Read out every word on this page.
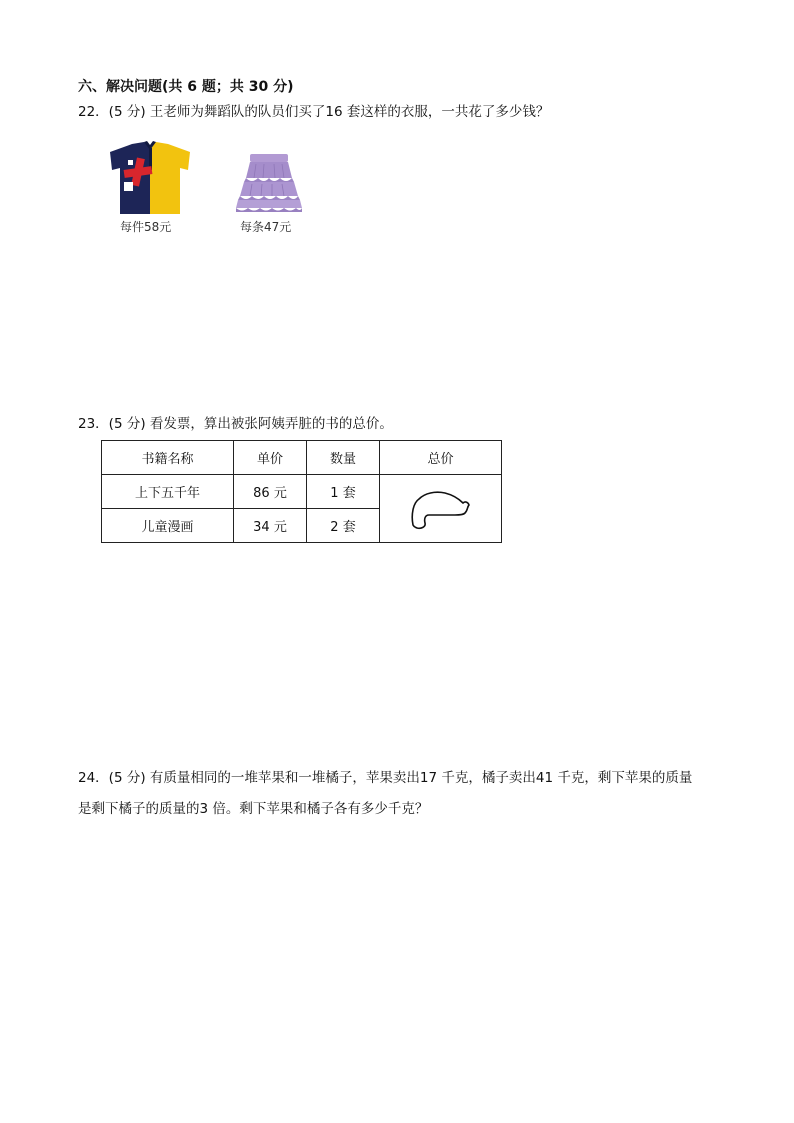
六、解决问题(共 6 题；共 30 分)
22．(5 分) 王老师为舞蹈队的队员们买了16 套这样的衣服，一共花了多少钱？
每件58元	每条47元
23．(5 分) 看发票，算出被张阿姨弄脏的书的总价。
书籍名称	单价	数量	总价
上下五千年	86 元	1 套	

儿童漫画	34 元	2 套	
24．(5 分) 有质量相同的一堆苹果和一堆橘子，苹果卖出17 千克，橘子卖出41 千克，剩下苹果的质量
是剩下橘子的质量的3 倍。剩下苹果和橘子各有多少千克？
